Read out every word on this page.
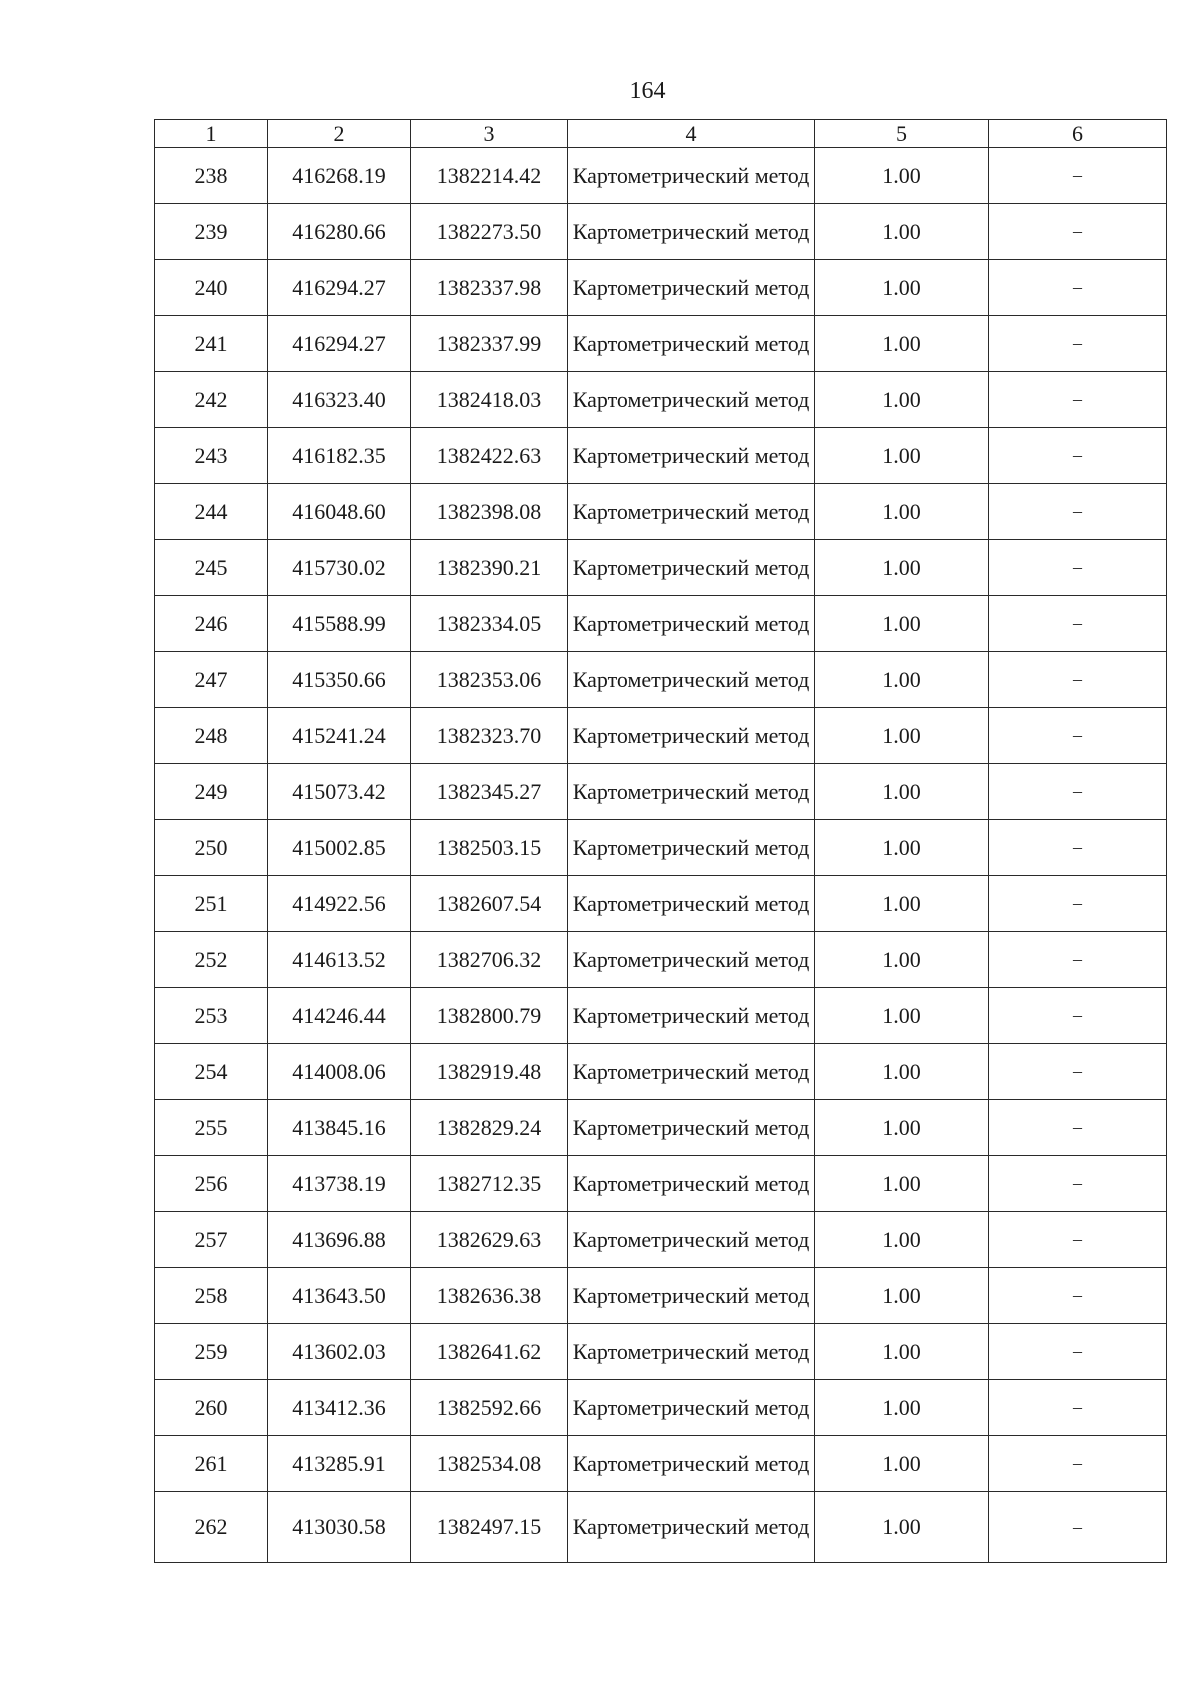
164
1	2	3	4	5	6
238	416268.19	1382214.42	Картометрический метод	1.00	–
239	416280.66	1382273.50	Картометрический метод	1.00	–
240	416294.27	1382337.98	Картометрический метод	1.00	–
241	416294.27	1382337.99	Картометрический метод	1.00	–
242	416323.40	1382418.03	Картометрический метод	1.00	–
243	416182.35	1382422.63	Картометрический метод	1.00	–
244	416048.60	1382398.08	Картометрический метод	1.00	–
245	415730.02	1382390.21	Картометрический метод	1.00	–
246	415588.99	1382334.05	Картометрический метод	1.00	–
247	415350.66	1382353.06	Картометрический метод	1.00	–
248	415241.24	1382323.70	Картометрический метод	1.00	–
249	415073.42	1382345.27	Картометрический метод	1.00	–
250	415002.85	1382503.15	Картометрический метод	1.00	–
251	414922.56	1382607.54	Картометрический метод	1.00	–
252	414613.52	1382706.32	Картометрический метод	1.00	–
253	414246.44	1382800.79	Картометрический метод	1.00	–
254	414008.06	1382919.48	Картометрический метод	1.00	–
255	413845.16	1382829.24	Картометрический метод	1.00	–
256	413738.19	1382712.35	Картометрический метод	1.00	–
257	413696.88	1382629.63	Картометрический метод	1.00	–
258	413643.50	1382636.38	Картометрический метод	1.00	–
259	413602.03	1382641.62	Картометрический метод	1.00	–
260	413412.36	1382592.66	Картометрический метод	1.00	–
261	413285.91	1382534.08	Картометрический метод	1.00	–
262	413030.58	1382497.15	Картометрический метод	1.00	–
